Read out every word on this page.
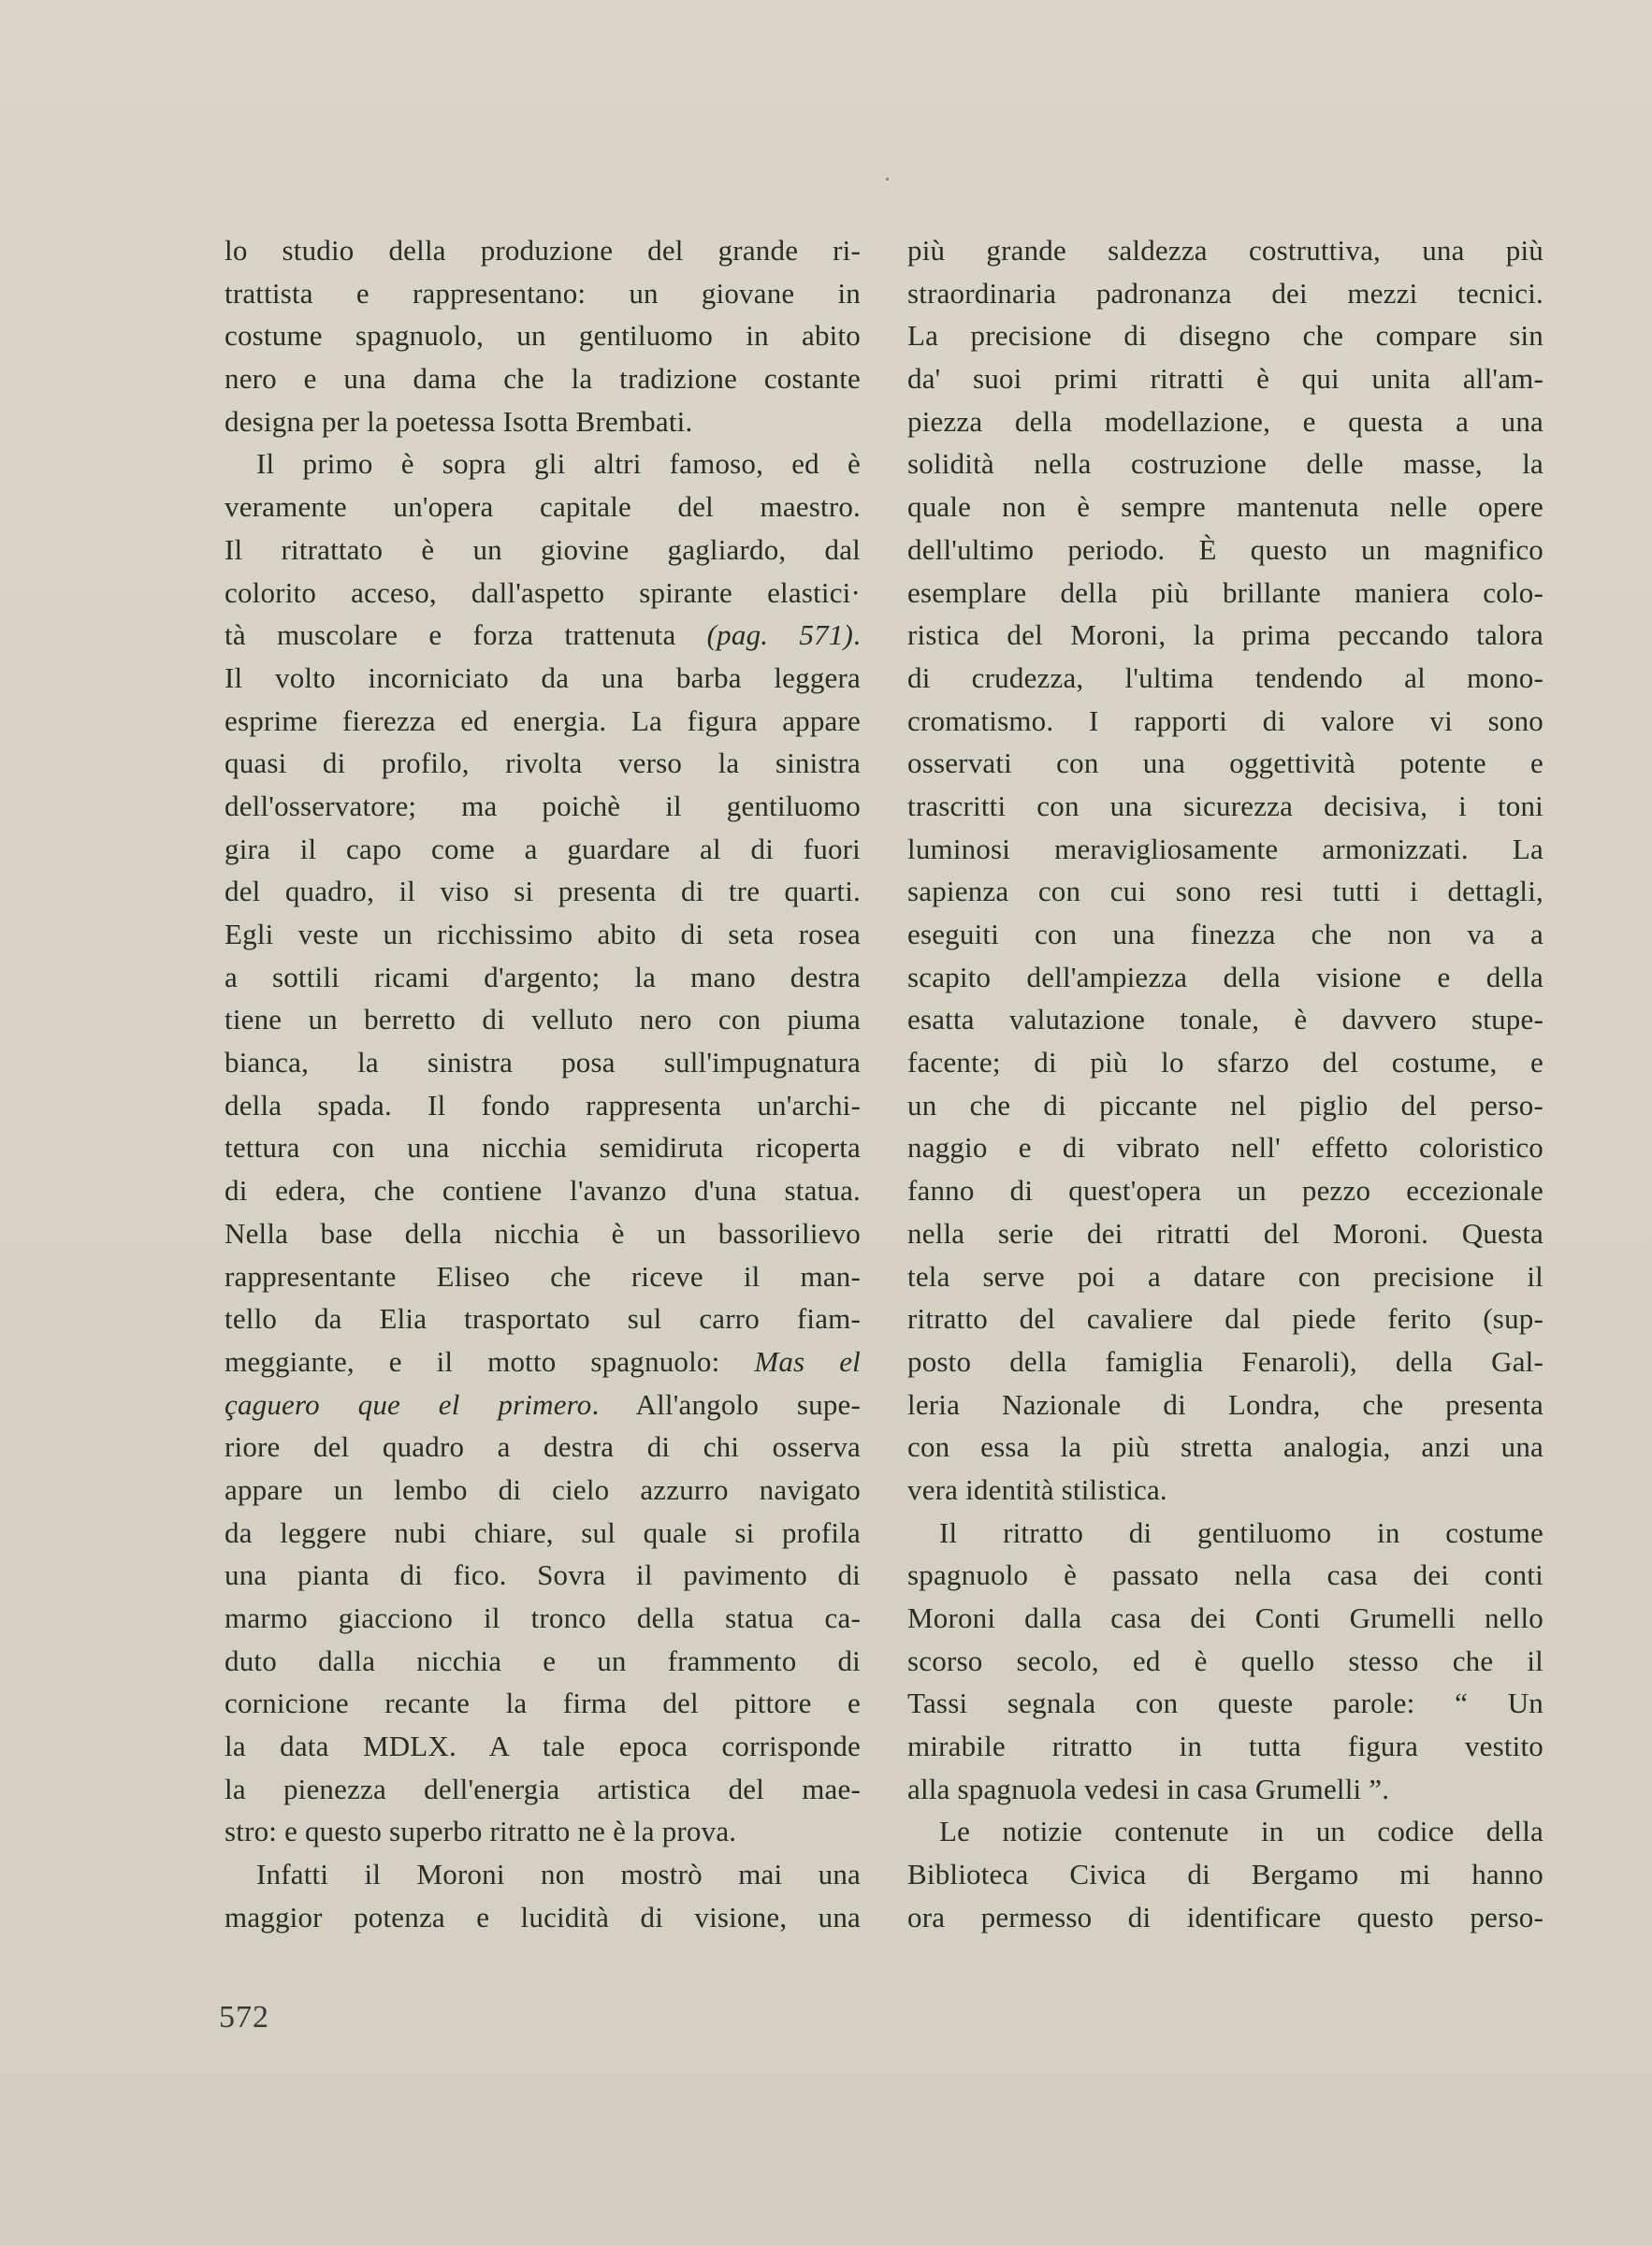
lo studio della produzione del grande ri-
trattista e rappresentano: un giovane in
costume spagnuolo, un gentiluomo in abito
nero e una dama che la tradizione costante
designa per la poetessa Isotta Brembati.
Il primo è sopra gli altri famoso, ed è
veramente un'opera capitale del maestro.
Il ritrattato è un giovine gagliardo, dal
colorito acceso, dall'aspetto spirante elastici·
tà muscolare e forza trattenuta (pag. 571).
Il volto incorniciato da una barba leggera
esprime fierezza ed energia. La figura appare
quasi di profilo, rivolta verso la sinistra
dell'osservatore; ma poichè il gentiluomo
gira il capo come a guardare al di fuori
del quadro, il viso si presenta di tre quarti.
Egli veste un ricchissimo abito di seta rosea
a sottili ricami d'argento; la mano destra
tiene un berretto di velluto nero con piuma
bianca, la sinistra posa sull'impugnatura
della spada. Il fondo rappresenta un'archi-
tettura con una nicchia semidiruta ricoperta
di edera, che contiene l'avanzo d'una statua.
Nella base della nicchia è un bassorilievo
rappresentante Eliseo che riceve il man-
tello da Elia trasportato sul carro fiam-
meggiante, e il motto spagnuolo: Mas el
çaguero que el primero. All'angolo supe-
riore del quadro a destra di chi osserva
appare un lembo di cielo azzurro navigato
da leggere nubi chiare, sul quale si profila
una pianta di fico. Sovra il pavimento di
marmo giacciono il tronco della statua ca-
duto dalla nicchia e un frammento di
cornicione recante la firma del pittore e
la data MDLX. A tale epoca corrisponde
la pienezza dell'energia artistica del mae-
stro: e questo superbo ritratto ne è la prova.
Infatti il Moroni non mostrò mai una
maggior potenza e lucidità di visione, una
più grande saldezza costruttiva, una più
straordinaria padronanza dei mezzi tecnici.
La precisione di disegno che compare sin
da' suoi primi ritratti è qui unita all'am-
piezza della modellazione, e questa a una
solidità nella costruzione delle masse, la
quale non è sempre mantenuta nelle opere
dell'ultimo periodo. È questo un magnifico
esemplare della più brillante maniera colo-
ristica del Moroni, la prima peccando talora
di crudezza, l'ultima tendendo al mono-
cromatismo. I rapporti di valore vi sono
osservati con una oggettività potente e
trascritti con una sicurezza decisiva, i toni
luminosi meravigliosamente armonizzati. La
sapienza con cui sono resi tutti i dettagli,
eseguiti con una finezza che non va a
scapito dell'ampiezza della visione e della
esatta valutazione tonale, è davvero stupe-
facente; di più lo sfarzo del costume, e
un che di piccante nel piglio del perso-
naggio e di vibrato nell' effetto coloristico
fanno di quest'opera un pezzo eccezionale
nella serie dei ritratti del Moroni. Questa
tela serve poi a datare con precisione il
ritratto del cavaliere dal piede ferito (sup-
posto della famiglia Fenaroli), della Gal-
leria Nazionale di Londra, che presenta
con essa la più stretta analogia, anzi una
vera identità stilistica.
Il ritratto di gentiluomo in costume
spagnuolo è passato nella casa dei conti
Moroni dalla casa dei Conti Grumelli nello
scorso secolo, ed è quello stesso che il
Tassi segnala con queste parole: “ Un
mirabile ritratto in tutta figura vestito
alla spagnuola vedesi in casa Grumelli ”.
Le notizie contenute in un codice della
Biblioteca Civica di Bergamo mi hanno
ora permesso di identificare questo perso-
572
